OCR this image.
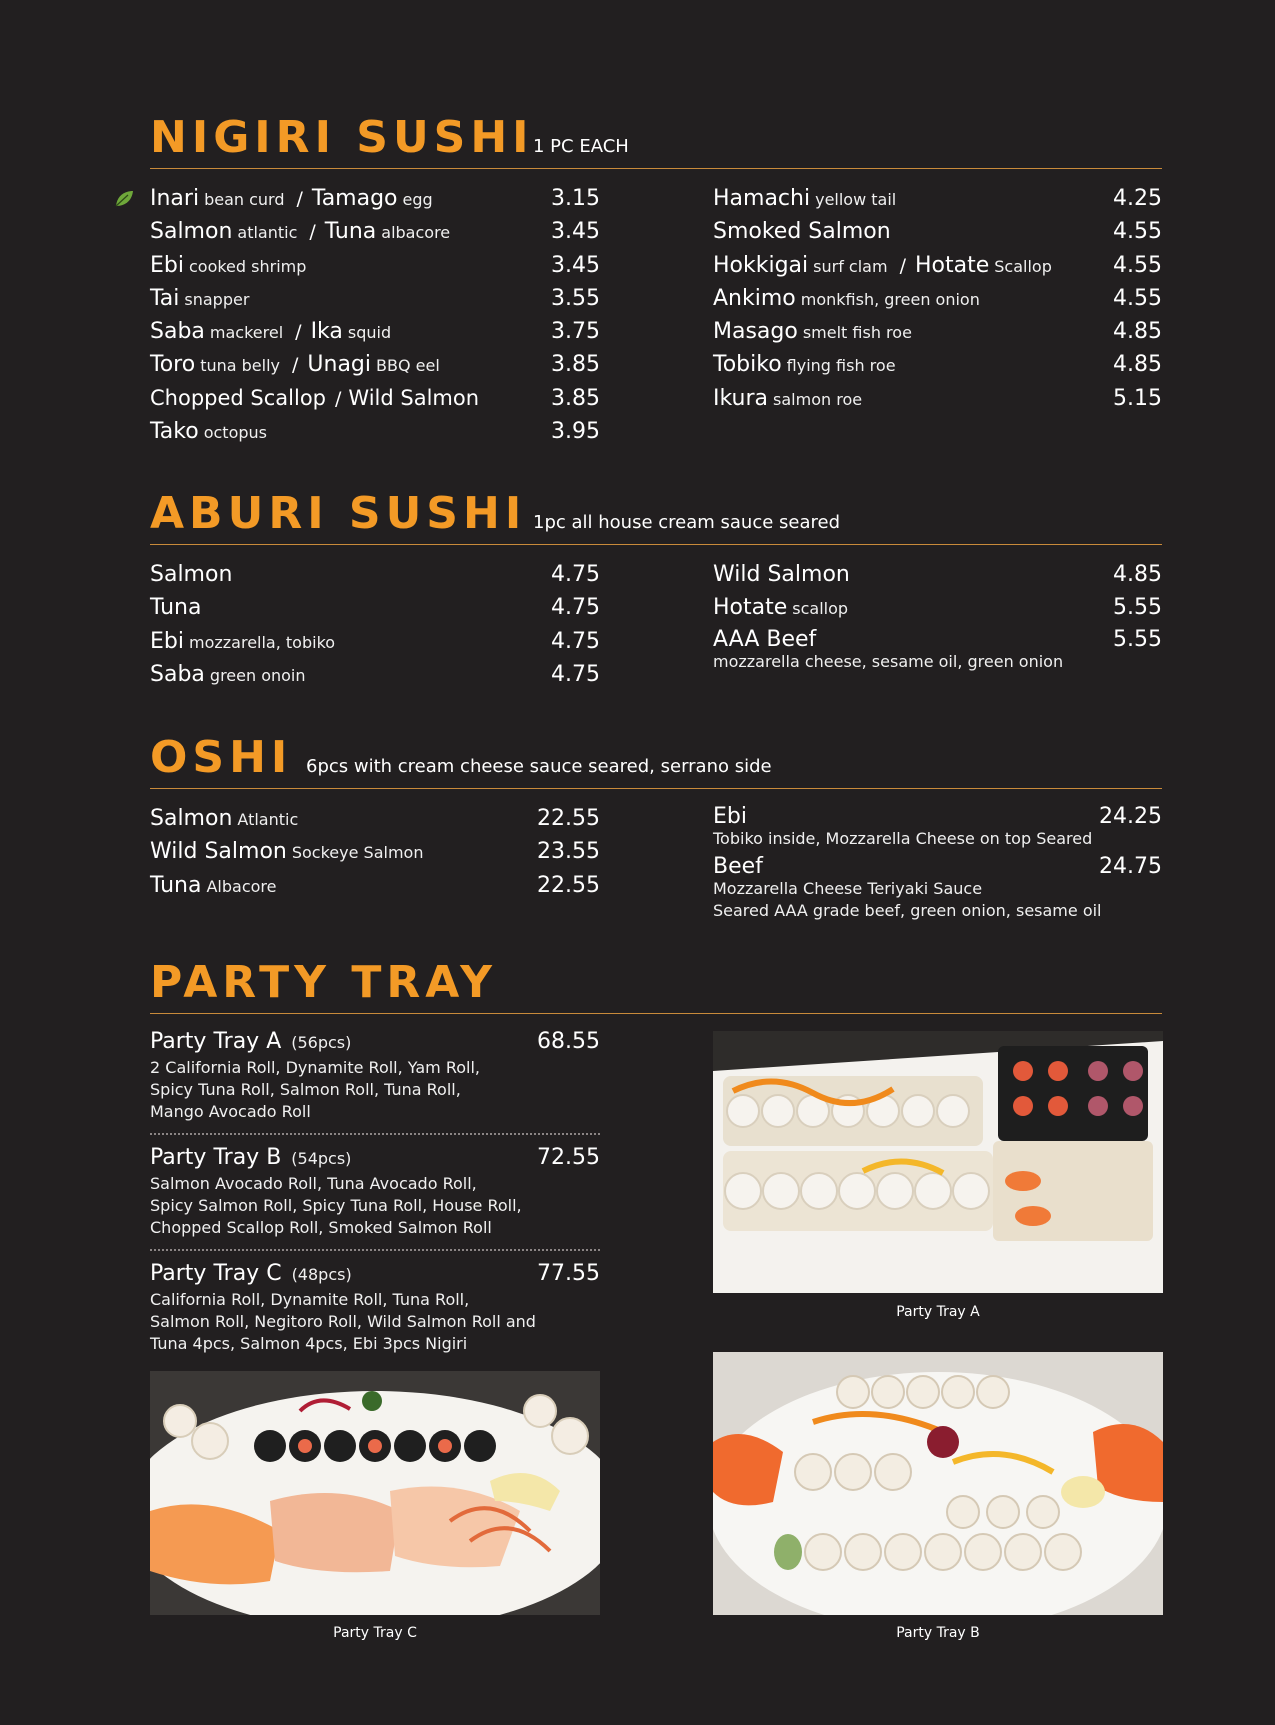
NIGIRI SUSHI 1 PC EACH
Inari bean curd / Tamago egg	3.15
Salmon atlantic / Tuna albacore	3.45
Ebi cooked shrimp	3.45
Tai snapper	3.55
Saba mackerel / Ika squid	3.75
Toro tuna belly / Unagi BBQ eel	3.85
Chopped Scallop / Wild Salmon	3.85
Tako octopus	3.95
Hamachi yellow tail	4.25
Smoked Salmon	4.55
Hokkigai surf clam / Hotate Scallop	4.55
Ankimo monkfish, green onion	4.55
Masago smelt fish roe	4.85
Tobiko flying fish roe	4.85
Ikura salmon roe	5.15
ABURI SUSHI 1pc all house cream sauce seared
Salmon	4.75
Tuna	4.75
Ebi mozzarella, tobiko	4.75
Saba green onoin	4.75
Wild Salmon	4.85
Hotate scallop	5.55
AAA Beef	5.55
mozzarella cheese, sesame oil, green onion
OSHI 6pcs with cream cheese sauce seared, serrano side
Salmon Atlantic	22.55
Wild Salmon Sockeye Salmon	23.55
Tuna Albacore	22.55
Ebi	24.25
Tobiko inside, Mozzarella Cheese on top Seared
Beef	24.75
Mozzarella Cheese Teriyaki Sauce
Seared AAA grade beef, green onion, sesame oil
PARTY TRAY
Party Tray A (56pcs)	68.55
2 California Roll, Dynamite Roll, Yam Roll,
Spicy Tuna Roll, Salmon Roll, Tuna Roll,
Mango Avocado Roll
Party Tray B (54pcs)	72.55
Salmon Avocado Roll, Tuna Avocado Roll,
Spicy Salmon Roll, Spicy Tuna Roll, House Roll,
Chopped Scallop Roll, Smoked Salmon Roll
Party Tray C (48pcs)	77.55
California Roll, Dynamite Roll, Tuna Roll,
Salmon Roll, Negitoro Roll, Wild Salmon Roll and
Tuna 4pcs, Salmon 4pcs, Ebi 3pcs Nigiri
Party Tray A
Party Tray C	Party Tray B
